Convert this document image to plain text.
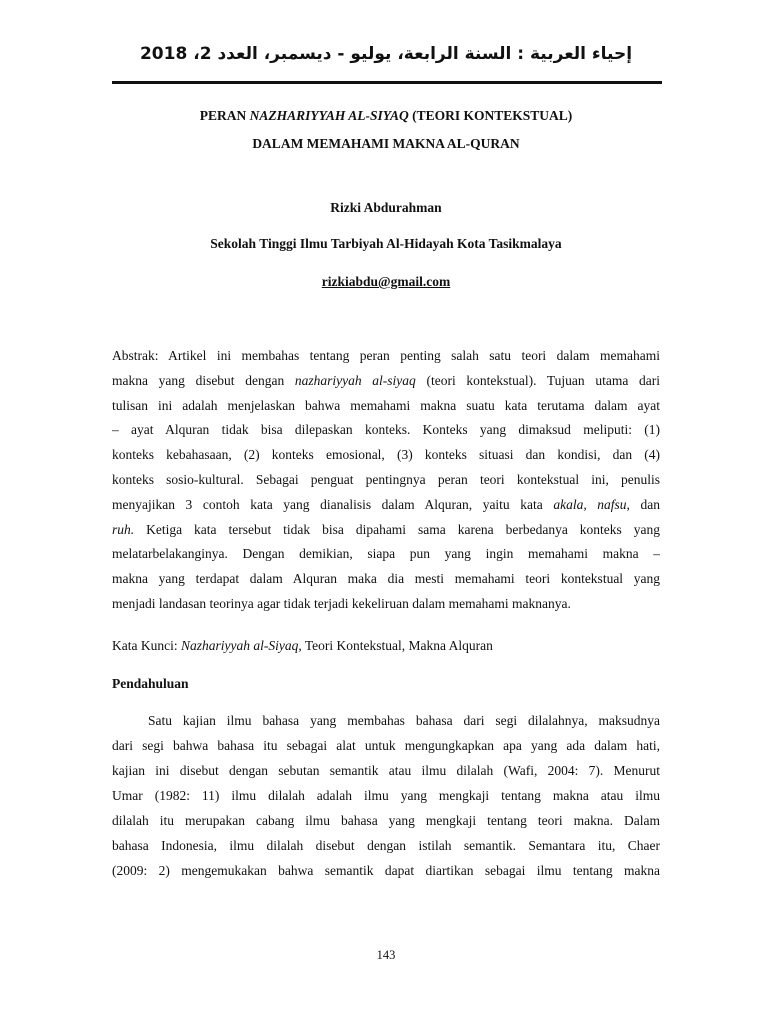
إحياء العربية : السنة الرابعة، يوليو - ديسمبر، العدد 2، 2018
PERAN NAZHARIYYAH AL-SIYAQ (TEORI KONTEKSTUAL)
DALAM MEMAHAMI MAKNA AL-QURAN
Rizki Abdurahman
Sekolah Tinggi Ilmu Tarbiyah Al-Hidayah Kota Tasikmalaya
rizkiabdu@gmail.com
Abstrak: Artikel ini membahas tentang peran penting salah satu teori dalam memahami
makna yang disebut dengan nazhariyyah al-siyaq (teori kontekstual). Tujuan utama dari
tulisan ini adalah menjelaskan bahwa memahami makna suatu kata terutama dalam ayat
– ayat Alquran tidak bisa dilepaskan konteks. Konteks yang dimaksud meliputi: (1)
konteks kebahasaan, (2) konteks emosional, (3) konteks situasi dan kondisi, dan (4)
konteks sosio-kultural. Sebagai penguat pentingnya peran teori kontekstual ini, penulis
menyajikan 3 contoh kata yang dianalisis dalam Alquran, yaitu kata akala, nafsu, dan
ruh. Ketiga kata tersebut tidak bisa dipahami sama karena berbedanya konteks yang
melatarbelakanginya. Dengan demikian, siapa pun yang ingin memahami makna –
makna yang terdapat dalam Alquran maka dia mesti memahami teori kontekstual yang
menjadi landasan teorinya agar tidak terjadi kekeliruan dalam memahami maknanya.
Kata Kunci: Nazhariyyah al-Siyaq, Teori Kontekstual, Makna Alquran
Pendahuluan
Satu kajian ilmu bahasa yang membahas bahasa dari segi dilalahnya, maksudnya
dari segi bahwa bahasa itu sebagai alat untuk mengungkapkan apa yang ada dalam hati,
kajian ini disebut dengan sebutan semantik atau ilmu dilalah (Wafi, 2004: 7). Menurut
Umar (1982: 11) ilmu dilalah adalah ilmu yang mengkaji tentang makna atau ilmu
dilalah itu merupakan cabang ilmu bahasa yang mengkaji tentang teori makna. Dalam
bahasa Indonesia, ilmu dilalah disebut dengan istilah semantik. Semantara itu, Chaer
(2009: 2) mengemukakan bahwa semantik dapat diartikan sebagai ilmu tentang makna
143
